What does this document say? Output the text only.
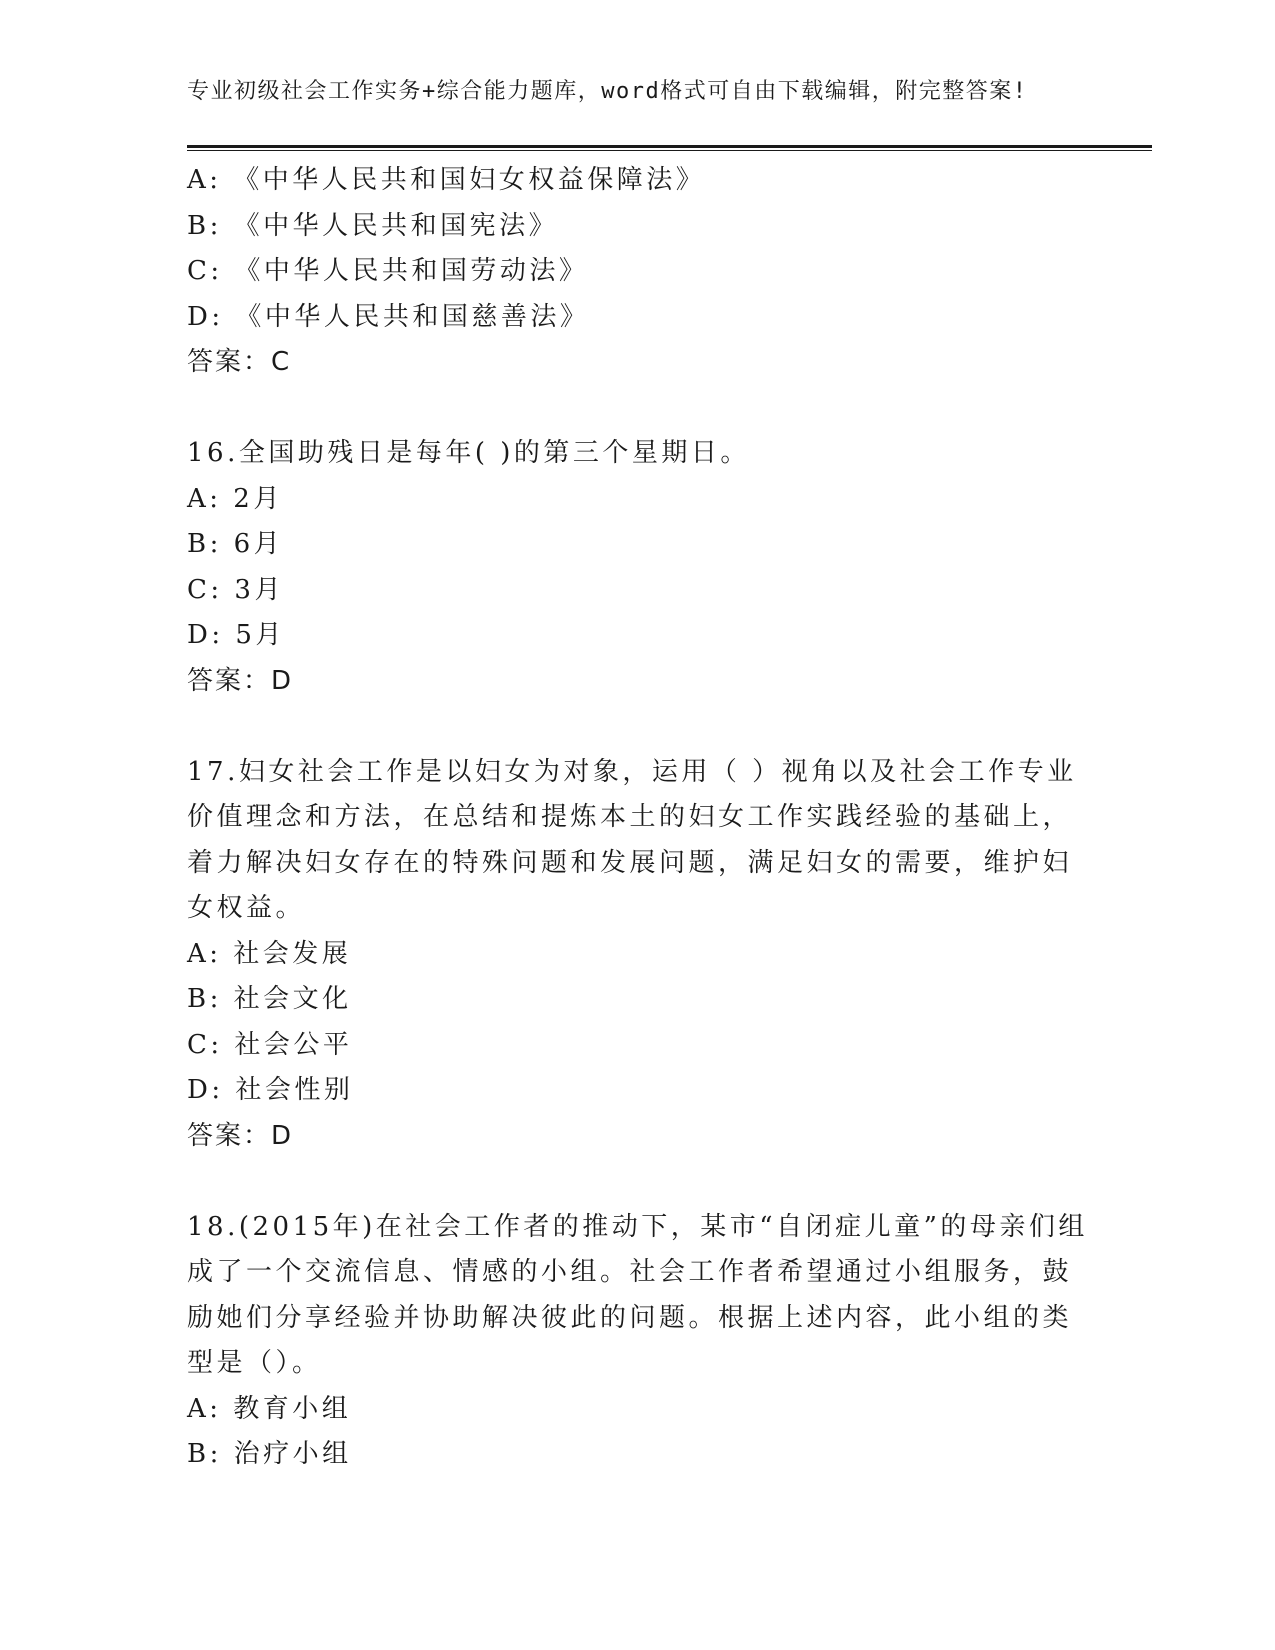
专业初级社会工作实务+综合能力题库，word格式可自由下载编辑，附完整答案!
A: 《中华人民共和国妇女权益保障法》
B: 《中华人民共和国宪法》
C: 《中华人民共和国劳动法》
D: 《中华人民共和国慈善法》
答案：C
16.全国助残日是每年( )的第三个星期日。
A: 2月
B: 6月
C: 3月
D: 5月
答案：D
17.妇女社会工作是以妇女为对象，运用（ ）视角以及社会工作专业
价值理念和方法，在总结和提炼本土的妇女工作实践经验的基础上，
着力解决妇女存在的特殊问题和发展问题，满足妇女的需要，维护妇
女权益。
A: 社会发展
B: 社会文化
C: 社会公平
D: 社会性别
答案：D
18.(2015年)在社会工作者的推动下，某市“自闭症儿童”的母亲们组
成了一个交流信息、情感的小组。社会工作者希望通过小组服务，鼓
励她们分享经验并协助解决彼此的问题。根据上述内容，此小组的类
型是（）。
A: 教育小组
B: 治疗小组
